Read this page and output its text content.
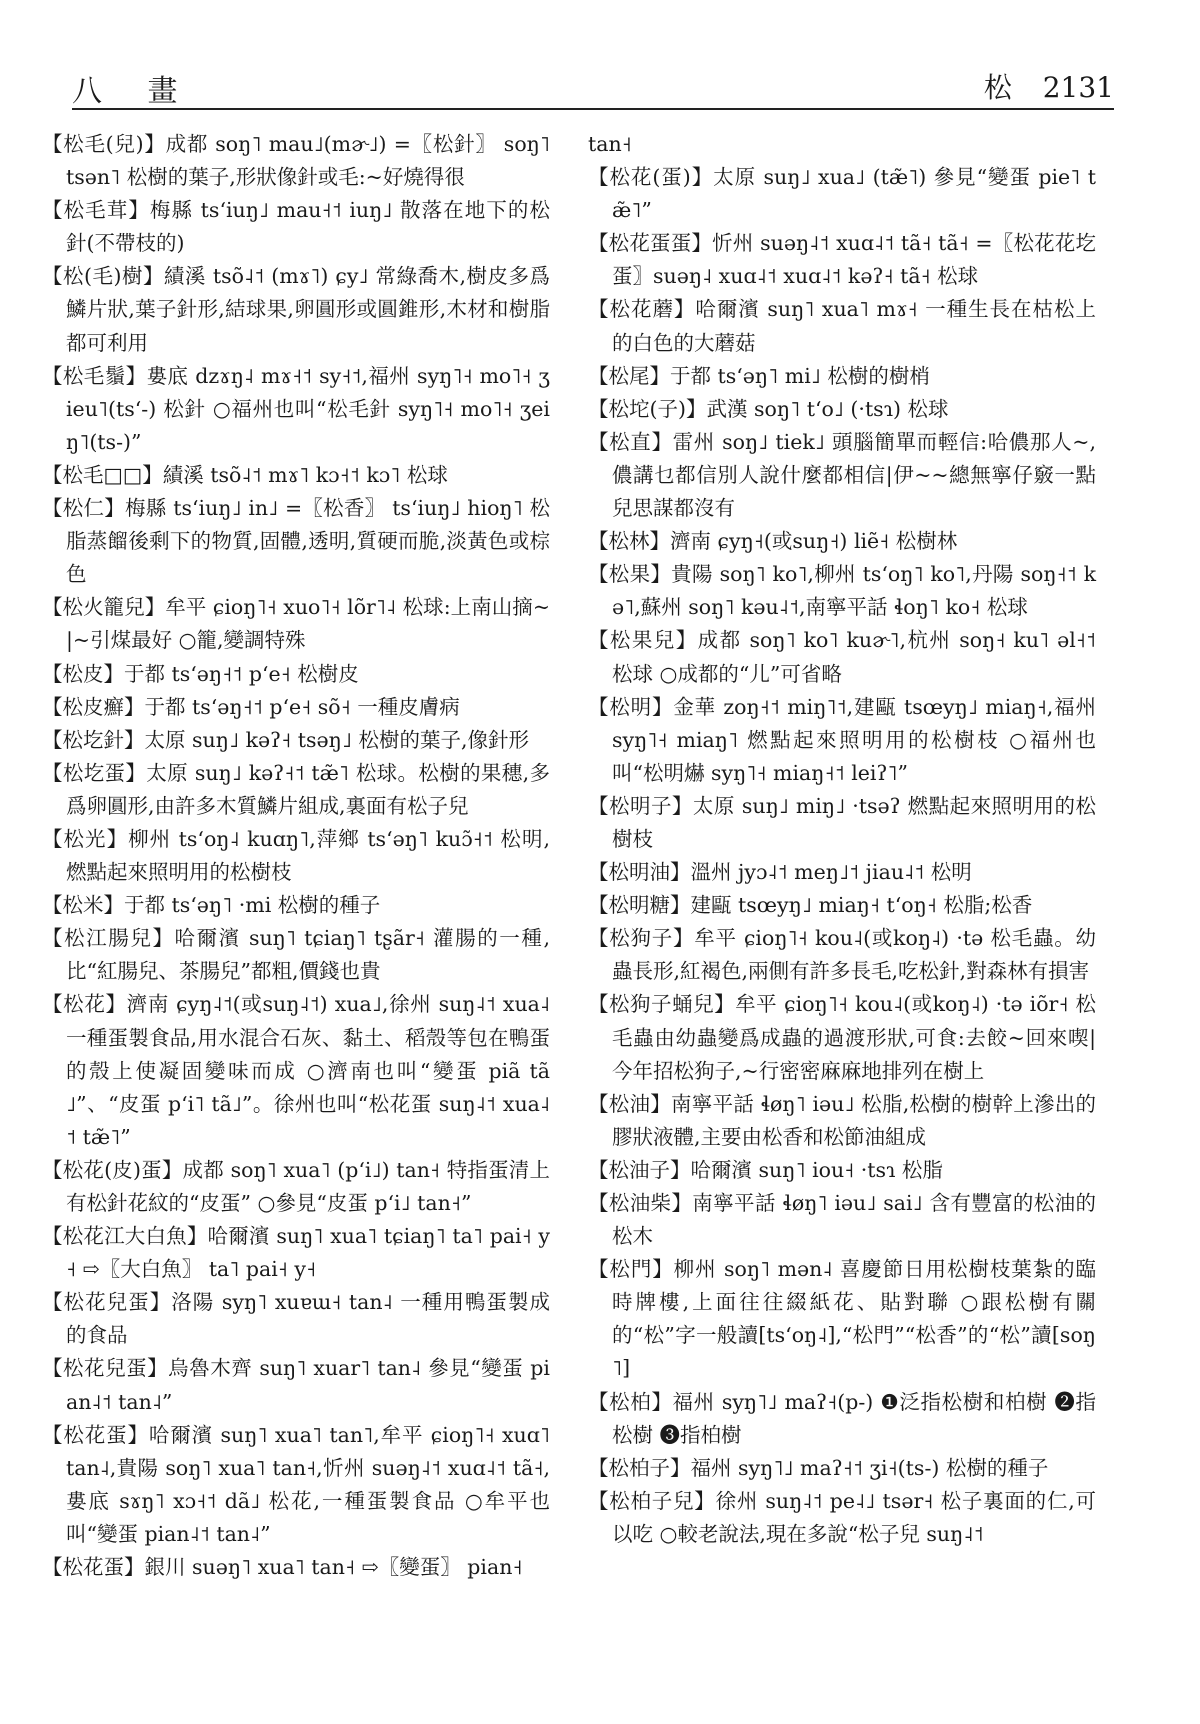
八 畫	松 2131

【松毛(兒)】成都 soŋ˥ mau˩(mɚ˩) =〖松針〗 soŋ˥ tsən˥ 松樹的葉子,形狀像針或毛:~好燒得很

【松毛茸】梅縣 tsʻiuŋ˩ mau˧˦ iuŋ˩ 散落在地下的松針(不帶枝的)

【松(毛)樹】績溪 tsõ˨˦ (mɤ˥) ɕy˩ 常綠喬木,樹皮多爲鱗片狀,葉子針形,結球果,卵圓形或圓錐形,木材和樹脂都可利用

【松毛鬚】婁底 dzɤŋ˨ mɤ˧˦ sy˧˦,福州 syŋ˥˧ mo˥˧ ʒieu˥(tsʻ-) 松針 ○福州也叫“松毛針 syŋ˥˧ mo˥˧ ʒeiŋ˥(ts-)”

【松毛□□】績溪 tsõ˨˦ mɤ˥ kɔ˧˦ kɔ˥ 松球

【松仁】梅縣 tsʻiuŋ˩ in˩ =〖松香〗 tsʻiuŋ˩ hioŋ˥ 松脂蒸餾後剩下的物質,固體,透明,質硬而脆,淡黃色或棕色

【松火籠兒】牟平 ɕioŋ˥˧ xuo˥˧ lõr˥˨ 松球:上南山摘~|~引煤最好 ○籠,變調特殊

【松皮】于都 tsʻəŋ˧˦ pʻe˧ 松樹皮

【松皮癬】于都 tsʻəŋ˧˦ pʻe˧ sõ˧ 一種皮膚病

【松圪針】太原 suŋ˩ kəʔ˧ tsəŋ˩ 松樹的葉子,像針形

【松圪蛋】太原 suŋ˩ kəʔ˧˦ tæ̃˥ 松球。松樹的果穗,多爲卵圓形,由許多木質鱗片組成,裏面有松子兒

【松光】柳州 tsʻoŋ˨ kuɑŋ˥,萍鄉 tsʻəŋ˥ kuɔ̃˧˦ 松明,燃點起來照明用的松樹枝

【松米】于都 tsʻəŋ˥ ·mi 松樹的種子

【松江腸兒】哈爾濱 suŋ˥ tɕiaŋ˥ tʂãr˧ 灌腸的一種,比“紅腸兒、茶腸兒”都粗,價錢也貴

【松花】濟南 ɕyŋ˨˦(或suŋ˨˦) xua˩,徐州 suŋ˨˦ xua˨ 一種蛋製食品,用水混合石灰、黏土、稻殼等包在鴨蛋的殼上使凝固變味而成 ○濟南也叫“變蛋 piã tã˩”、“皮蛋 pʻi˥ tã˩”。徐州也叫“松花蛋 suŋ˨˦ xua˨˦ tæ̃˥”

【松花(皮)蛋】成都 soŋ˥ xua˥ (pʻi˩) tan˧ 特指蛋清上有松針花紋的“皮蛋” ○參見“皮蛋 pʻi˩ tan˧”

【松花江大白魚】哈爾濱 suŋ˥ xua˥ tɕiaŋ˥ ta˥ pai˧ y˧ ⇨〖大白魚〗 ta˥ pai˧ y˧

【松花兒蛋】洛陽 syŋ˥ xuɐɯ˧ tan˨ 一種用鴨蛋製成的食品

【松花兒蛋】烏魯木齊 suŋ˥ xuar˥ tan˨ 參見“變蛋 pian˨˦ tan˨”

【松花蛋】哈爾濱 suŋ˥ xua˥ tan˥,牟平 ɕioŋ˥˧ xuɑ˥ tan˨,貴陽 soŋ˥ xua˥ tan˧,忻州 suəŋ˨˦ xuɑ˨˦ tã˧,婁底 sɤŋ˥ xɔ˧˦ dã˩ 松花,一種蛋製食品 ○牟平也叫“變蛋 pian˨˦ tan˨”

【松花蛋】銀川 suəŋ˥ xua˥ tan˧ ⇨〖變蛋〗 pian˧

tan˧

【松花(蛋)】太原 suŋ˩ xua˩ (tæ̃˥) 參見“變蛋 pie˥ tæ̃˥”

【松花蛋蛋】忻州 suəŋ˨˦ xuɑ˨˦ tã˧ tã˧ =〖松花花圪蛋〗suəŋ˨ xuɑ˨˦ xuɑ˨˦ kəʔ˧ tã˧ 松球

【松花蘑】哈爾濱 suŋ˥ xua˥ mɤ˧ 一種生長在枯松上的白色的大蘑菇

【松尾】于都 tsʻəŋ˥ mi˩ 松樹的樹梢

【松坨(子)】武漢 soŋ˥ tʻo˩ (·tsɿ) 松球

【松直】雷州 soŋ˩ tiek˩ 頭腦簡單而輕信:哈儂那人~,儂講乜都信別人說什麼都相信|伊~~總無寧仔竅一點兒思謀都沒有

【松林】濟南 ɕyŋ˧(或suŋ˧) liẽ˧ 松樹林

【松果】貴陽 soŋ˥ ko˥,柳州 tsʻoŋ˥ ko˥,丹陽 soŋ˧˦ kə˥,蘇州 soŋ˥ kəu˨˦,南寧平話 ɬoŋ˥ ko˧ 松球

【松果兒】成都 soŋ˥ ko˥ kuɚ˥,杭州 soŋ˧ ku˥ əl˧˦ 松球 ○成都的“儿”可省略

【松明】金華 zoŋ˧˦ miŋ˥˦,建甌 tsœyŋ˩ miaŋ˧,福州 syŋ˥˧ miaŋ˥ 燃點起來照明用的松樹枝 ○福州也叫“松明爀 syŋ˥˧ miaŋ˧˦ leiʔ˥”

【松明子】太原 suŋ˩ miŋ˩ ·tsəʔ 燃點起來照明用的松樹枝

【松明油】溫州 jyɔ˨˦ meŋ˩˦ jiau˨˦ 松明

【松明糖】建甌 tsœyŋ˩ miaŋ˧ tʻoŋ˧ 松脂;松香

【松狗子】牟平 ɕioŋ˥˧ kou˨(或koŋ˨) ·tə 松毛蟲。幼蟲長形,紅褐色,兩側有許多長毛,吃松針,對森林有損害

【松狗子蛹兒】牟平 ɕioŋ˥˧ kou˨(或koŋ˨) ·tə iõr˧ 松毛蟲由幼蟲變爲成蟲的過渡形狀,可食:去餃~回來喫|今年招松狗子,~行密密麻麻地排列在樹上

【松油】南寧平話 ɬøŋ˥ iəu˩ 松脂,松樹的樹幹上滲出的膠狀液體,主要由松香和松節油組成

【松油子】哈爾濱 suŋ˥ iou˧ ·tsɿ 松脂

【松油柴】南寧平話 ɬøŋ˥ iəu˩ sai˩ 含有豐富的松油的松木

【松門】柳州 soŋ˥ mən˨ 喜慶節日用松樹枝葉紮的臨時牌樓,上面往往綴紙花、貼對聯 ○跟松樹有關的“松”字一般讀[tsʻoŋ˨],“松門”“松香”的“松”讀[soŋ˥]

【松柏】福州 syŋ˥˩ maʔ˧(p-) ❶泛指松樹和柏樹 ❷指松樹 ❸指柏樹

【松柏子】福州 syŋ˥˩ maʔ˧˦ ʒi˧(ts-) 松樹的種子

【松柏子兒】徐州 suŋ˨˦ pe˨˩ tsər˧ 松子裏面的仁,可以吃 ○較老說法,現在多說“松子兒 suŋ˨˦
